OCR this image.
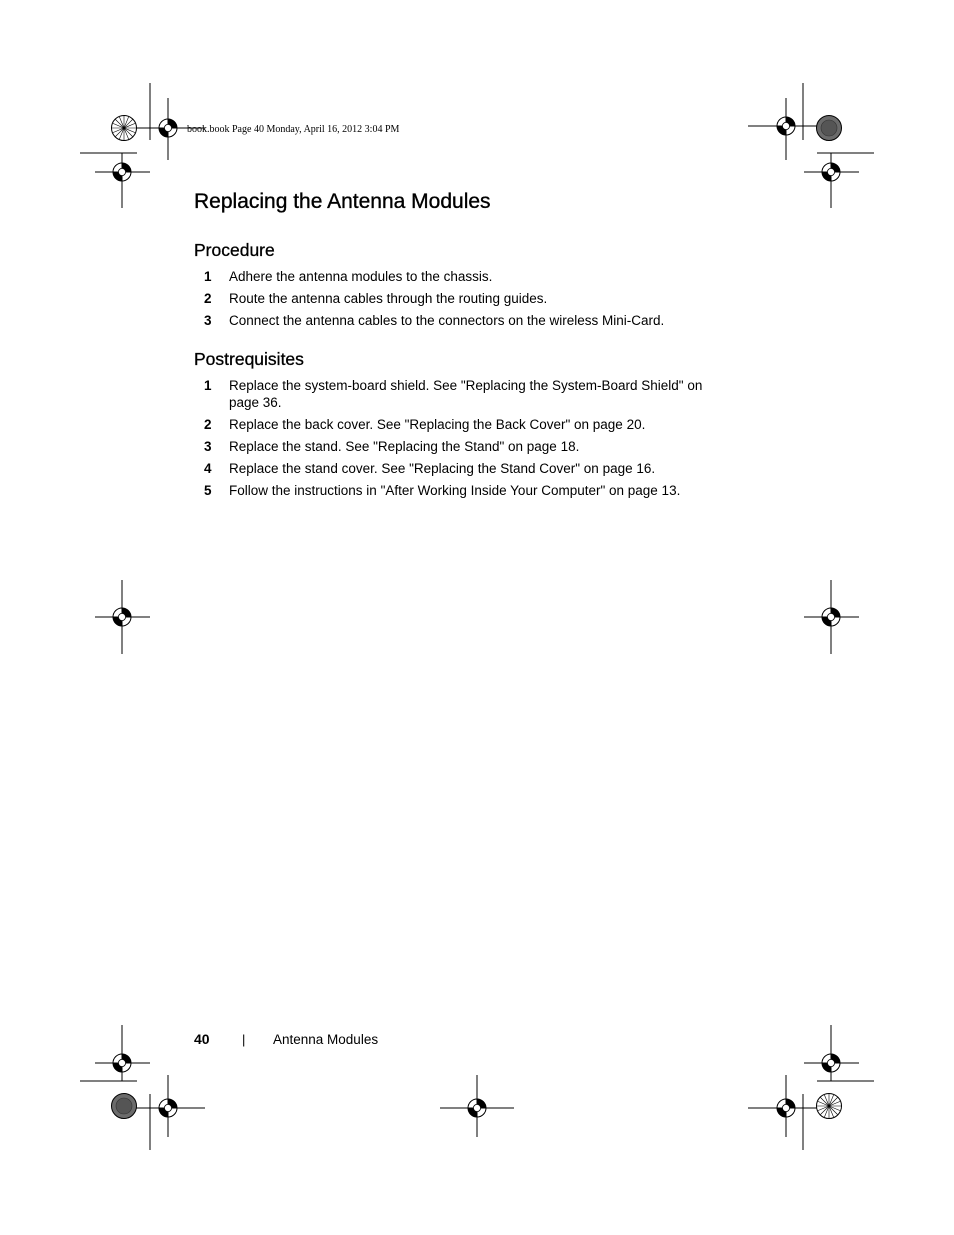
book.book Page 40 Monday, April 16, 2012 3:04 PM
Replacing the Antenna Modules
Procedure
1 Adhere the antenna modules to the chassis.
2 Route the antenna cables through the routing guides.
3 Connect the antenna cables to the connectors on the wireless Mini-Card.
Postrequisites
1 Replace the system-board shield. See "Replacing the System-Board Shield" on page 36.
2 Replace the back cover. See "Replacing the Back Cover" on page 20.
3 Replace the stand. See "Replacing the Stand" on page 18.
4 Replace the stand cover. See "Replacing the Stand Cover" on page 16.
5 Follow the instructions in "After Working Inside Your Computer" on page 13.
40 | Antenna Modules
